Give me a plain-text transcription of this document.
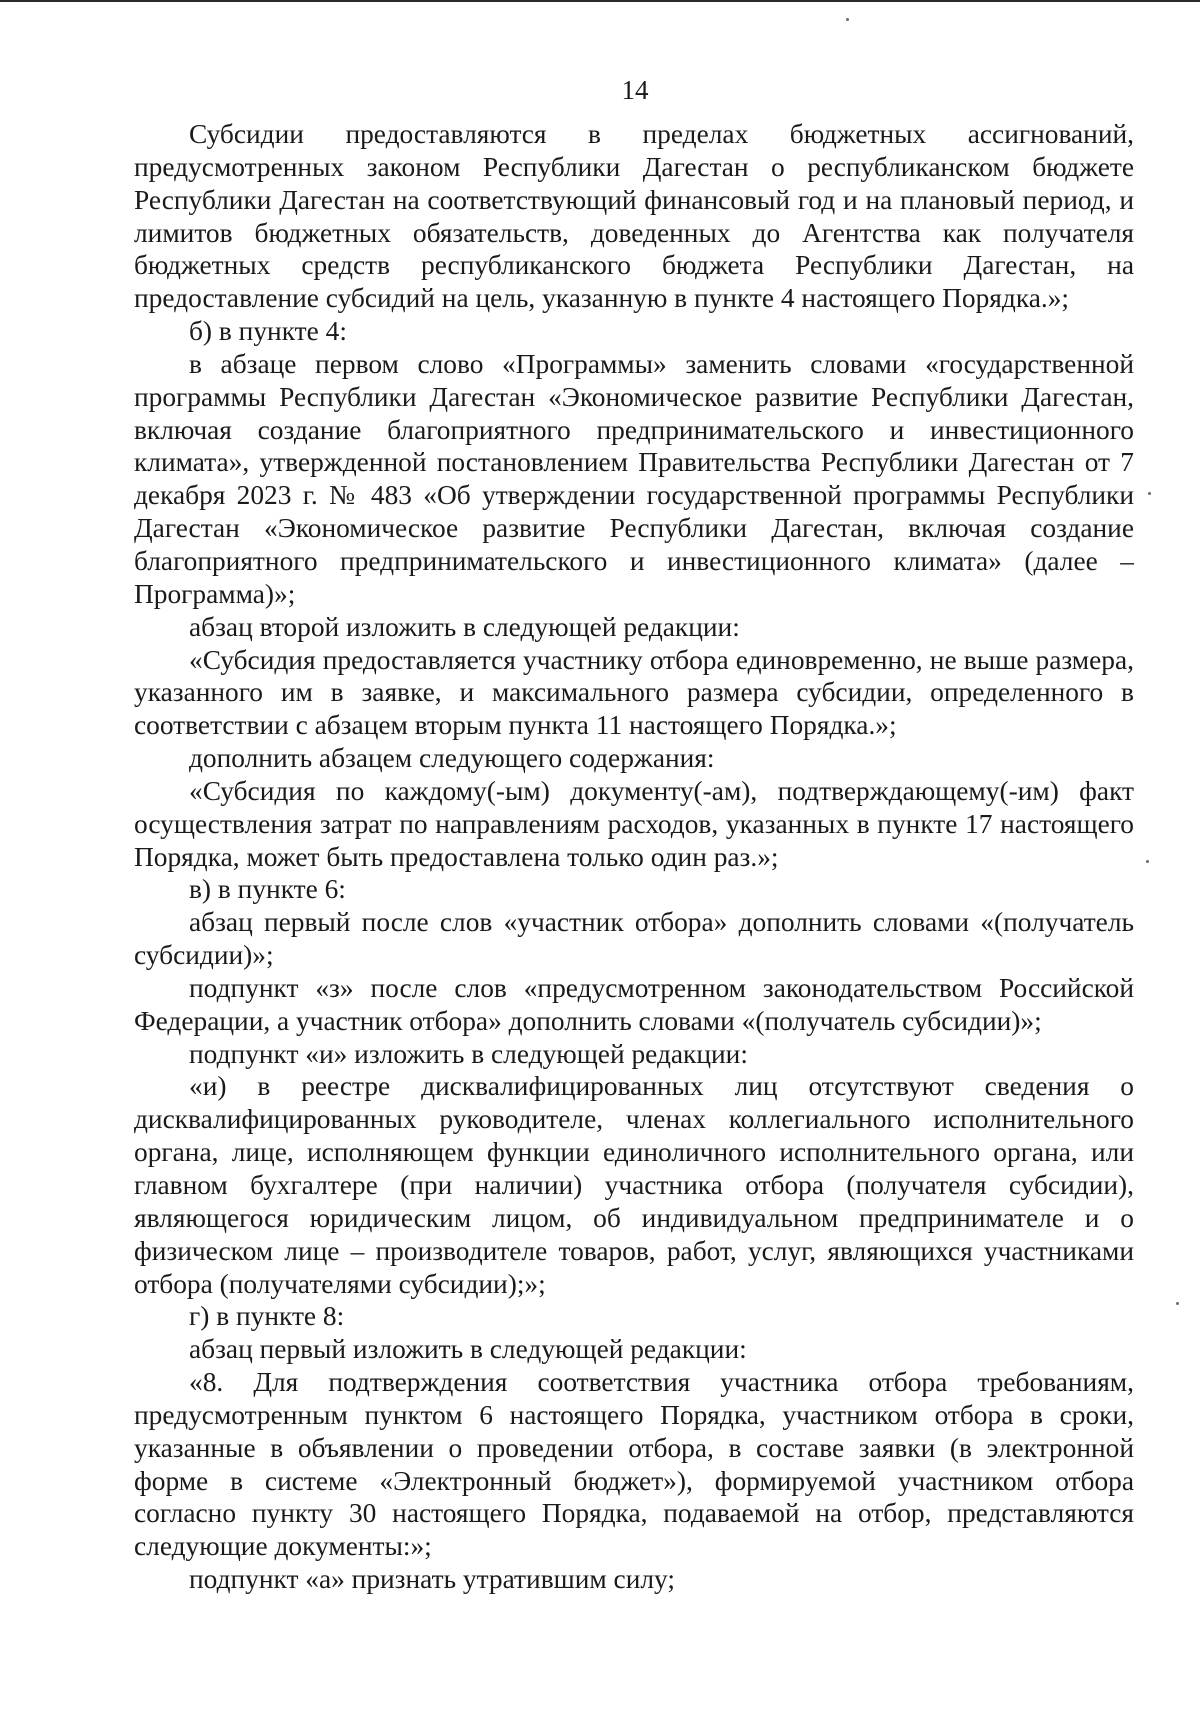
14

Субсидии предоставляются в пределах бюджетных ассигнований, предусмотренных законом Республики Дагестан о республиканском бюджете Республики Дагестан на соответствующий финансовый год и на плановый период, и лимитов бюджетных обязательств, доведенных до Агентства как получателя бюджетных средств республиканского бюджета Республики Дагестан, на предоставление субсидий на цель, указанную в пункте 4 настоящего Порядка.»;

б) в пункте 4:

в абзаце первом слово «Программы» заменить словами «государственной программы Республики Дагестан «Экономическое развитие Республики Дагестан, включая создание благоприятного предпринимательского и инвестиционного климата», утвержденной постановлением Правительства Республики Дагестан от 7 декабря 2023 г. № 483 «Об утверждении государственной программы Республики Дагестан «Экономическое развитие Республики Дагестан, включая создание благоприятного предпринимательского и инвестиционного климата» (далее – Программа)»;

абзац второй изложить в следующей редакции:

«Субсидия предоставляется участнику отбора единовременно, не выше размера, указанного им в заявке, и максимального размера субсидии, определенного в соответствии с абзацем вторым пункта 11 настоящего Порядка.»;

дополнить абзацем следующего содержания:

«Субсидия по каждому(-ым) документу(-ам), подтверждающему(-им) факт осуществления затрат по направлениям расходов, указанных в пункте 17 настоящего Порядка, может быть предоставлена только один раз.»;

в) в пункте 6:

абзац первый после слов «участник отбора» дополнить словами «(получатель субсидии)»;

подпункт «з» после слов «предусмотренном законодательством Российской Федерации, а участник отбора» дополнить словами «(получатель субсидии)»;

подпункт «и» изложить в следующей редакции:

«и) в реестре дисквалифицированных лиц отсутствуют сведения о дисквалифицированных руководителе, членах коллегиального исполнительного органа, лице, исполняющем функции единоличного исполнительного органа, или главном бухгалтере (при наличии) участника отбора (получателя субсидии), являющегося юридическим лицом, об индивидуальном предпринимателе и о физическом лице – производителе товаров, работ, услуг, являющихся участниками отбора (получателями субсидии);»;

г) в пункте 8:

абзац первый изложить в следующей редакции:

«8. Для подтверждения соответствия участника отбора требованиям, предусмотренным пунктом 6 настоящего Порядка, участником отбора в сроки, указанные в объявлении о проведении отбора, в составе заявки (в электронной форме в системе «Электронный бюджет»), формируемой участником отбора согласно пункту 30 настоящего Порядка, подаваемой на отбор, представляются следующие документы:»;

подпункт «а» признать утратившим силу;
